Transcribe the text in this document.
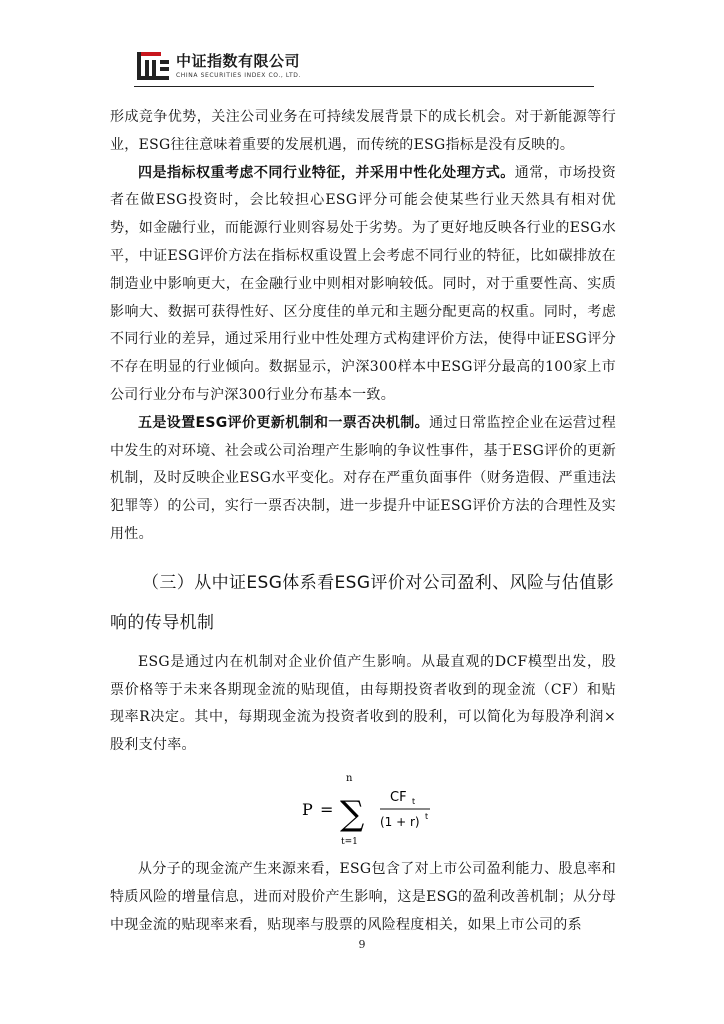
中证指数有限公司
CHINA SECURITIES INDEX CO., LTD.

形成竞争优势，关注公司业务在可持续发展背景下的成长机会。对于新能源等行业，ESG往往意味着重要的发展机遇，而传统的ESG指标是没有反映的。

四是指标权重考虑不同行业特征，并采用中性化处理方式。通常，市场投资者在做ESG投资时，会比较担心ESG评分可能会使某些行业天然具有相对优势，如金融行业，而能源行业则容易处于劣势。为了更好地反映各行业的ESG水平，中证ESG评价方法在指标权重设置上会考虑不同行业的特征，比如碳排放在制造业中影响更大，在金融行业中则相对影响较低。同时，对于重要性高、实质影响大、数据可获得性好、区分度佳的单元和主题分配更高的权重。同时，考虑不同行业的差异，通过采用行业中性处理方式构建评价方法，使得中证ESG评分不存在明显的行业倾向。数据显示，沪深300样本中ESG评分最高的100家上市公司行业分布与沪深300行业分布基本一致。

五是设置ESG评价更新机制和一票否决机制。通过日常监控企业在运营过程中发生的对环境、社会或公司治理产生影响的争议性事件，基于ESG评价的更新机制，及时反映企业ESG水平变化。对存在严重负面事件（财务造假、严重违法犯罪等）的公司，实行一票否决制，进一步提升中证ESG评价方法的合理性及实用性。

（三）从中证ESG体系看ESG评价对公司盈利、风险与估值影响的传导机制

ESG是通过内在机制对企业价值产生影响。从最直观的DCF模型出发，股票价格等于未来各期现金流的贴现值，由每期投资者收到的现金流（CF）和贴现率R决定。其中，每期现金流为投资者收到的股利，可以简化为每股净利润×股利支付率。

P =
n
∑
t=1
CF t
(1 + r) t

从分子的现金流产生来源来看，ESG包含了对上市公司盈利能力、股息率和特质风险的增量信息，进而对股价产生影响，这是ESG的盈利改善机制；从分母中现金流的贴现率来看，贴现率与股票的风险程度相关，如果上市公司的系

9
